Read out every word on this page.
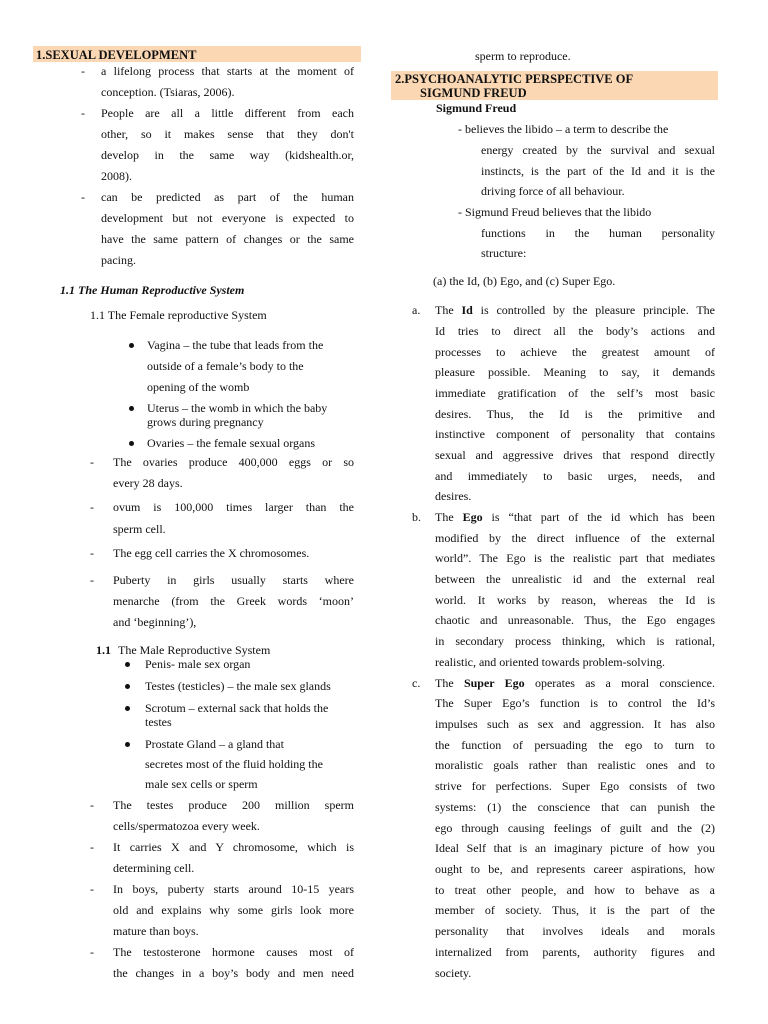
1.SEXUAL DEVELOPMENT
- a lifelong process that starts at the moment of
conception. (Tsiaras, 2006).
- People are all a little different from each
other, so it makes sense that they don't
develop in the same way (kidshealth.or,
2008).
- can be predicted as part of the human
development but not everyone is expected to
have the same pattern of changes or the same
pacing.
1.1 The Human Reproductive System
1.1 The Female reproductive System
Vagina – the tube that leads from the
outside of a female’s body to the
opening of the womb
Uterus – the womb in which the baby
grows during pregnancy
Ovaries – the female sexual organs
- The ovaries produce 400,000 eggs or so
every 28 days.
- ovum is 100,000 times larger than the
sperm cell.
- The egg cell carries the X chromosomes.
- Puberty in girls usually starts where
menarche (from the Greek words ‘moon’
and ‘beginning’),
1.1 The Male Reproductive System
Penis- male sex organ
Testes (testicles) – the male sex glands
Scrotum – external sack that holds the
testes
Prostate Gland – a gland that
secretes most of the fluid holding the
male sex cells or sperm
- The testes produce 200 million sperm
cells/spermatozoa every week.
- It carries X and Y chromosome, which is
determining cell.
- In boys, puberty starts around 10-15 years
old and explains why some girls look more
mature than boys.
- The testosterone hormone causes most of
the changes in a boy’s body and men need
sperm to reproduce.
2.PSYCHOANALYTIC PERSPECTIVE OF
SIGMUND FREUD
Sigmund Freud
- believes the libido – a term to describe the
energy created by the survival and sexual
instincts, is the part of the Id and it is the
driving force of all behaviour.
- Sigmund Freud believes that the libido
functions in the human personality
structure:
(a) the Id, (b) Ego, and (c) Super Ego.
a. The Id is controlled by the pleasure principle. The
Id tries to direct all the body’s actions and
processes to achieve the greatest amount of
pleasure possible. Meaning to say, it demands
immediate gratification of the self’s most basic
desires. Thus, the Id is the primitive and
instinctive component of personality that contains
sexual and aggressive drives that respond directly
and immediately to basic urges, needs, and
desires.
b. The Ego is “that part of the id which has been
modified by the direct influence of the external
world”. The Ego is the realistic part that mediates
between the unrealistic id and the external real
world. It works by reason, whereas the Id is
chaotic and unreasonable. Thus, the Ego engages
in secondary process thinking, which is rational,
realistic, and oriented towards problem-solving.
c. The Super Ego operates as a moral conscience.
The Super Ego’s function is to control the Id’s
impulses such as sex and aggression. It has also
the function of persuading the ego to turn to
moralistic goals rather than realistic ones and to
strive for perfections. Super Ego consists of two
systems: (1) the conscience that can punish the
ego through causing feelings of guilt and the (2)
Ideal Self that is an imaginary picture of how you
ought to be, and represents career aspirations, how
to treat other people, and how to behave as a
member of society. Thus, it is the part of the
personality that involves ideals and morals
internalized from parents, authority figures and
society.
